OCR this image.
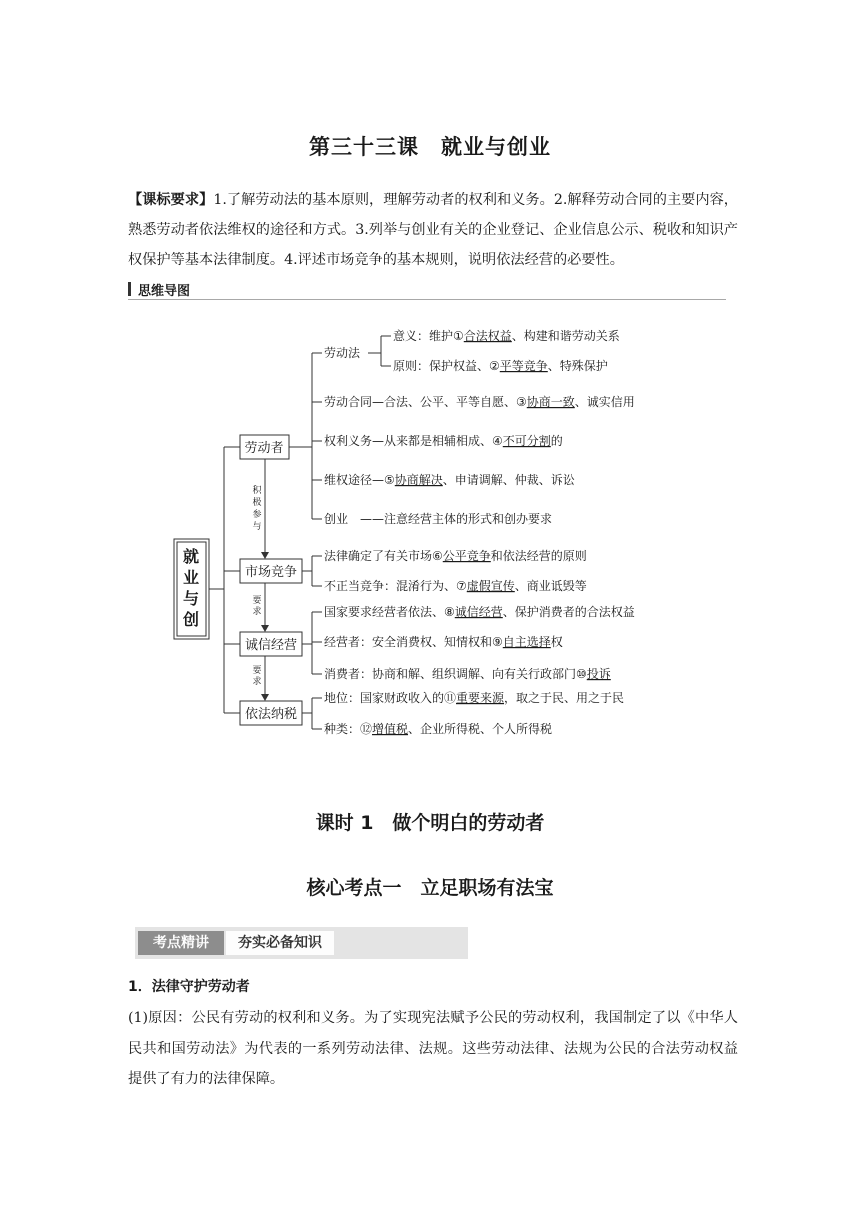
第三十三课　就业与创业
【课标要求】1.了解劳动法的基本原则，理解劳动者的权利和义务。2.解释劳动合同的主要内容，熟悉劳动者依法维权的途径和方式。3.列举与创业有关的企业登记、企业信息公示、税收和知识产权保护等基本法律制度。4.评述市场竞争的基本规则，说明依法经营的必要性。
思维导图
就
业
与
创
劳动者
市场竞争
诚信经营
依法纳税
积
极
参
与
要
求
要
求
劳动法
意义：维护①合法权益、构建和谐劳动关系
原则：保护权益、②平等竞争、特殊保护
劳动合同—合法、公平、平等自愿、③协商一致、诚实信用
权利义务—从来都是相辅相成、④不可分割的
维权途径—⑤协商解决、申请调解、仲裁、诉讼
创业 ——注意经营主体的形式和创办要求
法律确定了有关市场⑥公平竞争和依法经营的原则
不正当竞争：混淆行为、⑦虚假宣传、商业诋毁等
国家要求经营者依法、⑧诚信经营、保护消费者的合法权益
经营者：安全消费权、知情权和⑨自主选择权
消费者：协商和解、组织调解、向有关行政部门⑩投诉
地位：国家财政收入的⑪重要来源，取之于民、用之于民
种类：⑫增值税、企业所得税、个人所得税
课时 1　做个明白的劳动者
核心考点一　立足职场有法宝
考点精讲	夯实必备知识
1．法律守护劳动者
(1)原因：公民有劳动的权利和义务。为了实现宪法赋予公民的劳动权利，我国制定了以《中华人民共和国劳动法》为代表的一系列劳动法律、法规。这些劳动法律、法规为公民的合法劳动权益提供了有力的法律保障。
